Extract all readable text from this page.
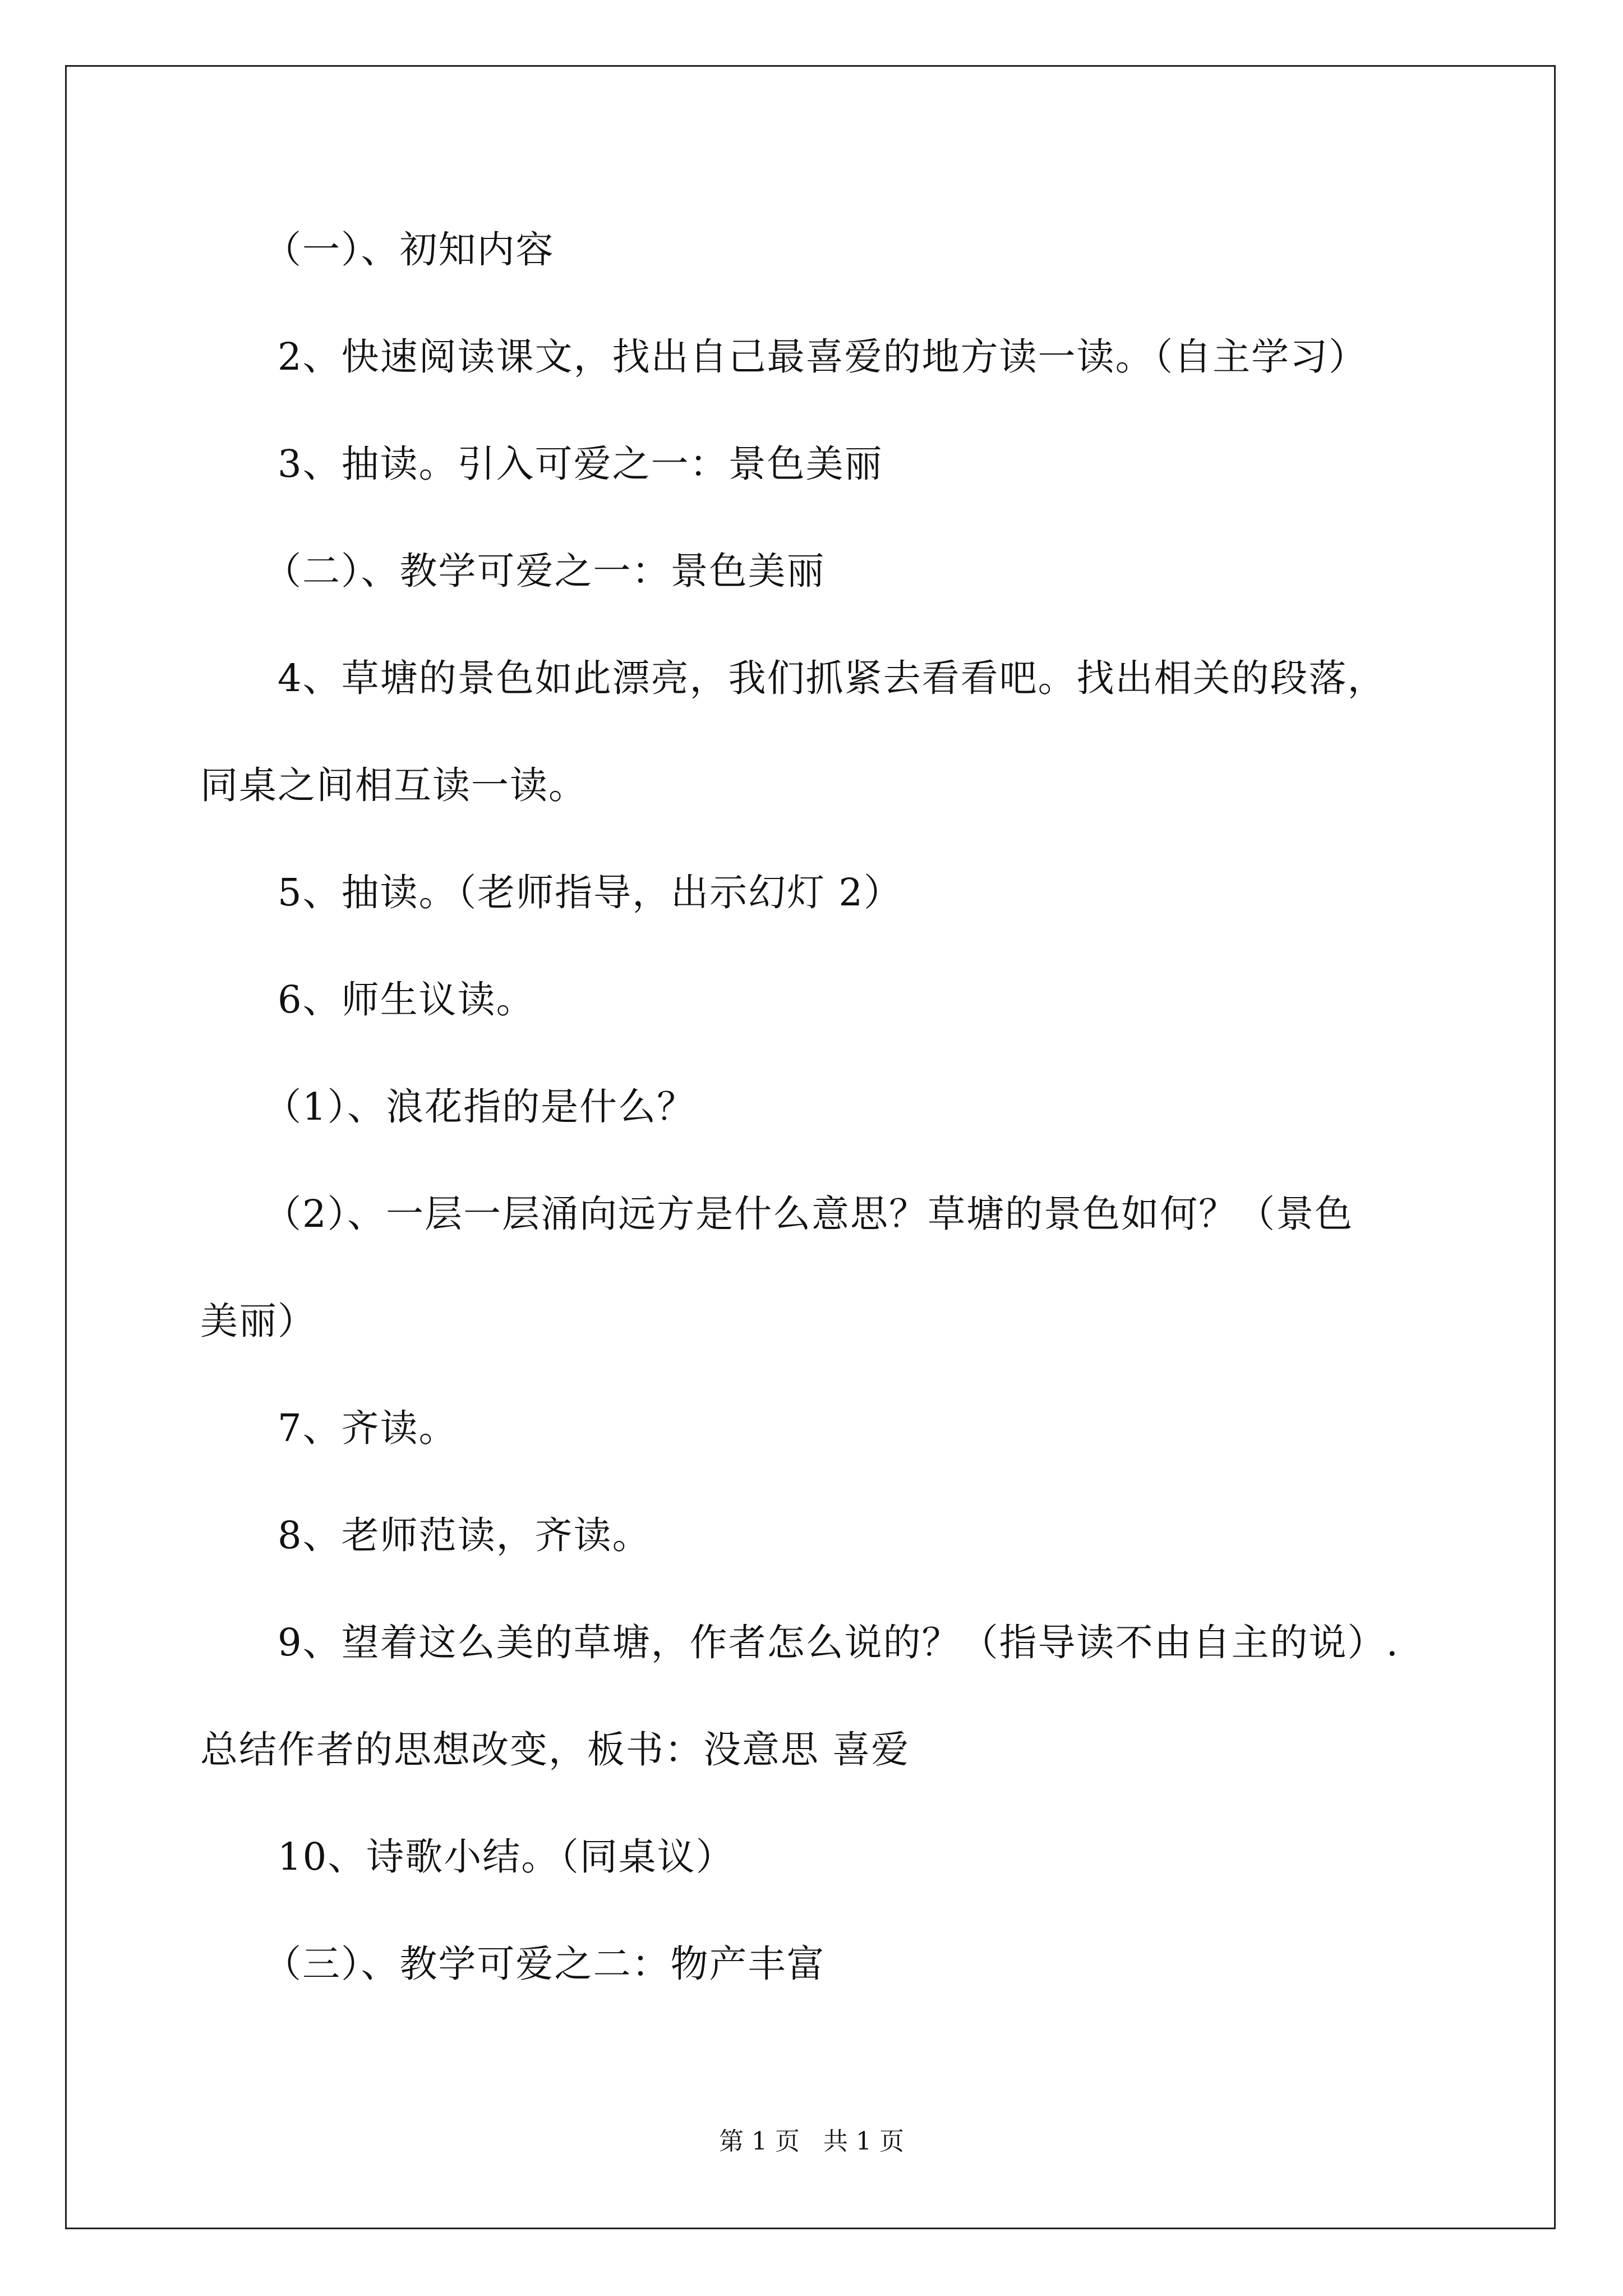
（一）、初知内容
2、快速阅读课文，找出自己最喜爱的地方读一读。（自主学习）
3、抽读。引入可爱之一：景色美丽
（二）、教学可爱之一：景色美丽
4、草塘的景色如此漂亮，我们抓紧去看看吧。找出相关的段落，
同桌之间相互读一读。
5、抽读。（老师指导，出示幻灯 2）
6、师生议读。
（1）、浪花指的是什么？
（2）、一层一层涌向远方是什么意思？草塘的景色如何？（景色
美丽）
7、齐读。
8、老师范读，齐读。
9、望着这么美的草塘，作者怎么说的？（指导读不由自主的说）.
总结作者的思想改变，板书：没意思 喜爱
10、诗歌小结。（同桌议）
（三）、教学可爱之二：物产丰富
第 1 页   共 1 页
